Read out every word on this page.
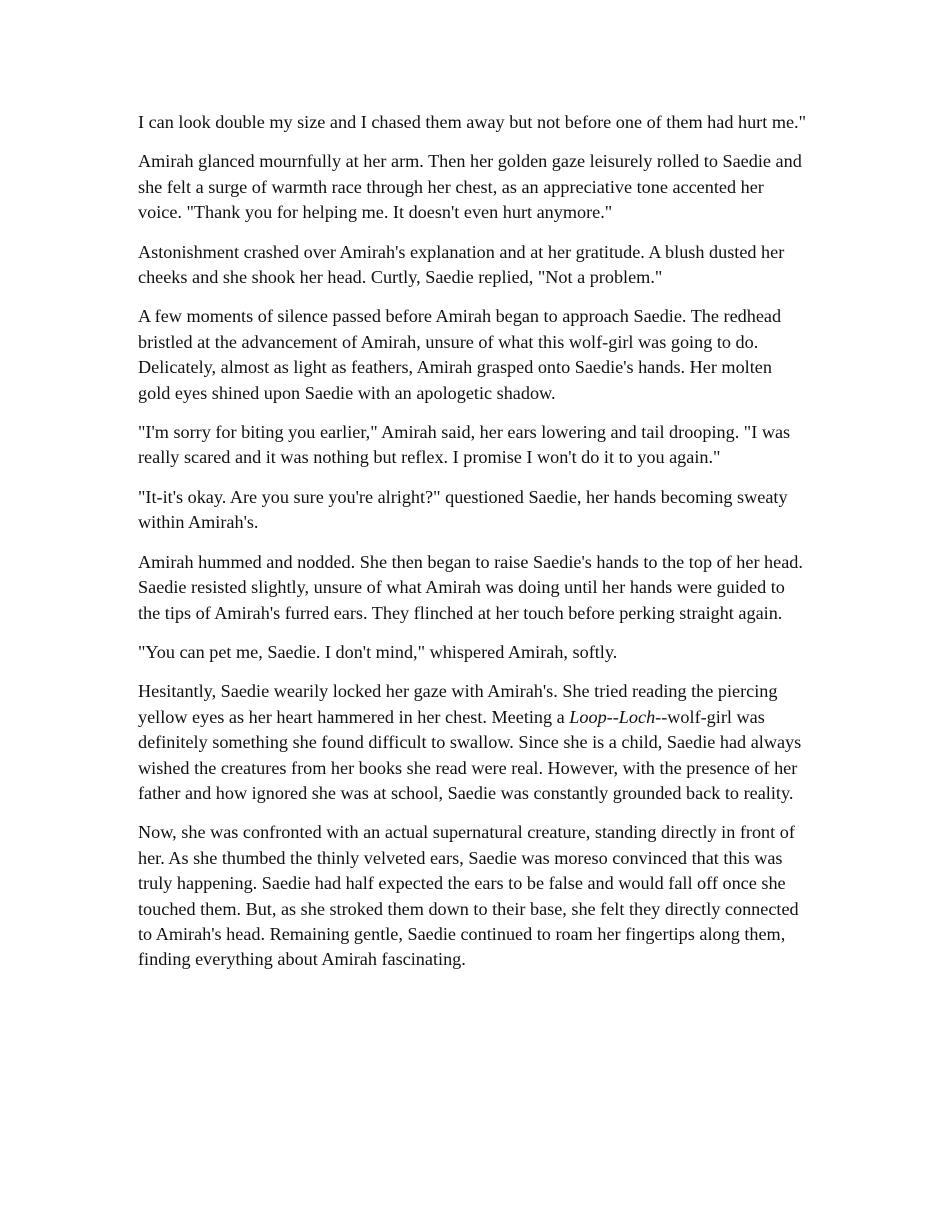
I can look double my size and I chased them away but not before one of them had hurt me."

Amirah glanced mournfully at her arm. Then her golden gaze leisurely rolled to Saedie and she felt a surge of warmth race through her chest, as an appreciative tone accented her voice. "Thank you for helping me. It doesn't even hurt anymore."

Astonishment crashed over Amirah's explanation and at her gratitude. A blush dusted her cheeks and she shook her head. Curtly, Saedie replied, "Not a problem."

A few moments of silence passed before Amirah began to approach Saedie. The redhead bristled at the advancement of Amirah, unsure of what this wolf-girl was going to do. Delicately, almost as light as feathers, Amirah grasped onto Saedie's hands. Her molten gold eyes shined upon Saedie with an apologetic shadow.

"I'm sorry for biting you earlier," Amirah said, her ears lowering and tail drooping. "I was really scared and it was nothing but reflex. I promise I won't do it to you again."

"It-it's okay. Are you sure you're alright?" questioned Saedie, her hands becoming sweaty within Amirah's.

Amirah hummed and nodded. She then began to raise Saedie's hands to the top of her head. Saedie resisted slightly, unsure of what Amirah was doing until her hands were guided to the tips of Amirah's furred ears. They flinched at her touch before perking straight again.

"You can pet me, Saedie. I don't mind," whispered Amirah, softly.

Hesitantly, Saedie wearily locked her gaze with Amirah's. She tried reading the piercing yellow eyes as her heart hammered in her chest. Meeting a Loop--Loch--wolf-girl was definitely something she found difficult to swallow. Since she is a child, Saedie had always wished the creatures from her books she read were real. However, with the presence of her father and how ignored she was at school, Saedie was constantly grounded back to reality.

Now, she was confronted with an actual supernatural creature, standing directly in front of her. As she thumbed the thinly velveted ears, Saedie was moreso convinced that this was truly happening. Saedie had half expected the ears to be false and would fall off once she touched them. But, as she stroked them down to their base, she felt they directly connected to Amirah's head. Remaining gentle, Saedie continued to roam her fingertips along them, finding everything about Amirah fascinating.
